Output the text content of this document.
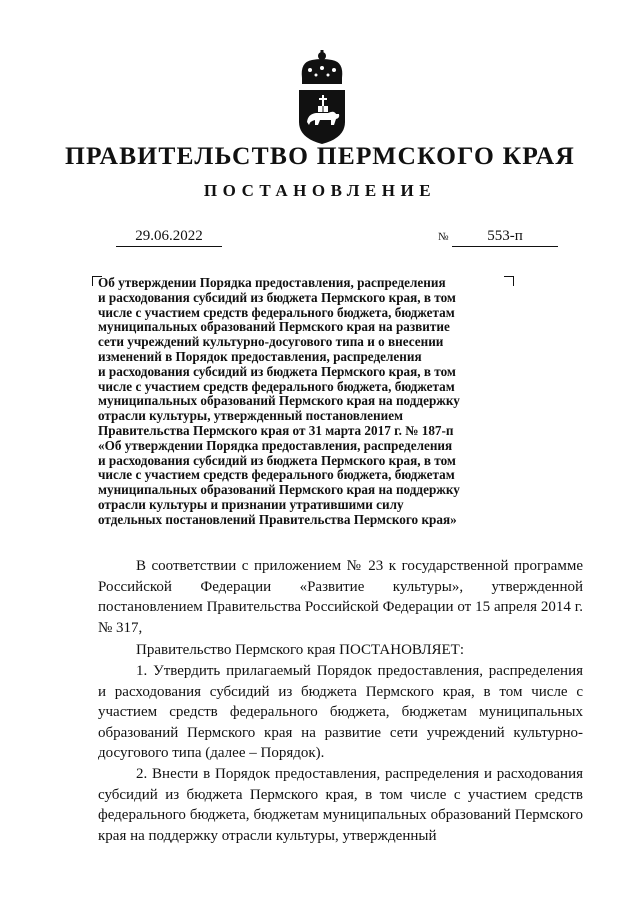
ПРАВИТЕЛЬСТВО ПЕРМСКОГО КРАЯ
ПОСТАНОВЛЕНИЕ
29.06.2022	№	553-п
Об утверждении Порядка предоставления, распределения
и расходования субсидий из бюджета Пермского края, в том
числе с участием средств федерального бюджета, бюджетам
муниципальных образований Пермского края на развитие
сети учреждений культурно-досугового типа и о внесении
изменений в Порядок предоставления, распределения
и расходования субсидий из бюджета Пермского края, в том
числе с участием средств федерального бюджета, бюджетам
муниципальных образований Пермского края на поддержку
отрасли культуры, утвержденный постановлением
Правительства Пермского края от 31 марта 2017 г. № 187-п
«Об утверждении Порядка предоставления, распределения
и расходования субсидий из бюджета Пермского края, в том
числе с участием средств федерального бюджета, бюджетам
муниципальных образований Пермского края на поддержку
отрасли культуры и признании утратившими силу
отдельных постановлений Правительства Пермского края»

В соответствии с приложением № 23 к государственной программе Российской Федерации «Развитие культуры», утвержденной постановлением Правительства Российской Федерации от 15 апреля 2014 г. № 317,

Правительство Пермского края ПОСТАНОВЛЯЕТ:

1. Утвердить прилагаемый Порядок предоставления, распределения и расходования субсидий из бюджета Пермского края, в том числе с участием средств федерального бюджета, бюджетам муниципальных образований Пермского края на развитие сети учреждений культурно-досугового типа (далее – Порядок).

2. Внести в Порядок предоставления, распределения и расходования субсидий из бюджета Пермского края, в том числе с участием средств федерального бюджета, бюджетам муниципальных образований Пермского края на поддержку отрасли культуры, утвержденный
